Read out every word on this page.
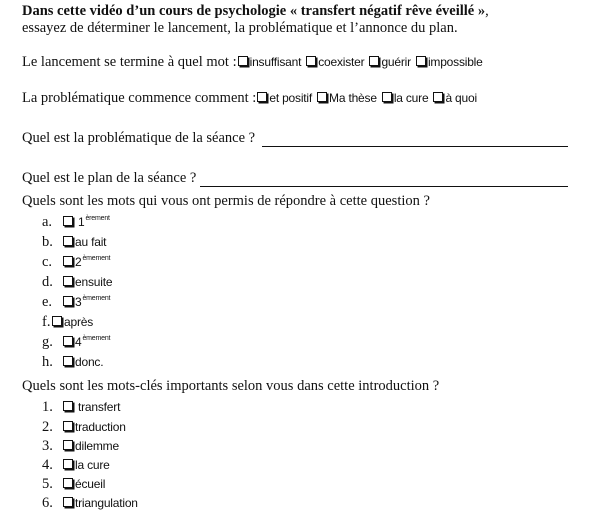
Dans cette vidéo d’un cours de psychologie « transfert négatif rêve éveillé »,
essayez de déterminer le lancement, la problématique et l’annonce du plan.
Le lancement se termine à quel mot :insuffisant coexister guérir impossible
La problématique commence comment :et positif Ma thèse la cure à quoi
Quel est la problématique de la séance ?
Quel est le plan de la séance ?
Quels sont les mots qui vous ont permis de répondre à cette question ?
a. $1^{èrement}$
b. au fait
c. $2^{èmement}$
d. ensuite
e. $3^{èmement}$
f. après
g. $4^{èmement}$
h. donc.
Quels sont les mots-clés importants selon vous dans cette introduction ?
1. transfert
2. traduction
3. dilemme
4. la cure
5. écueil
6. triangulation
